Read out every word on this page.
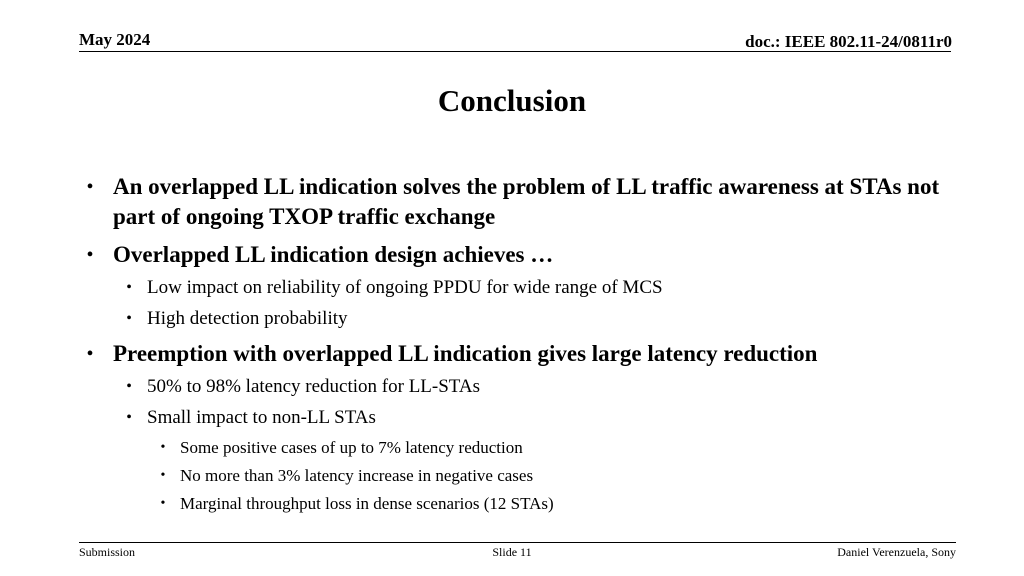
May 2024	doc.: IEEE 802.11-24/0811r0
Conclusion
• An overlapped LL indication solves the problem of LL traffic awareness at STAs not part of ongoing TXOP traffic exchange
• Overlapped LL indication design achieves …
• Low impact on reliability of ongoing PPDU for wide range of MCS
• High detection probability
• Preemption with overlapped LL indication gives large latency reduction
• 50% to 98% latency reduction for LL-STAs
• Small impact to non-LL STAs
• Some positive cases of up to 7% latency reduction
• No more than 3% latency increase in negative cases
• Marginal throughput loss in dense scenarios (12 STAs)
Submission	Slide 11	Daniel Verenzuela, Sony
